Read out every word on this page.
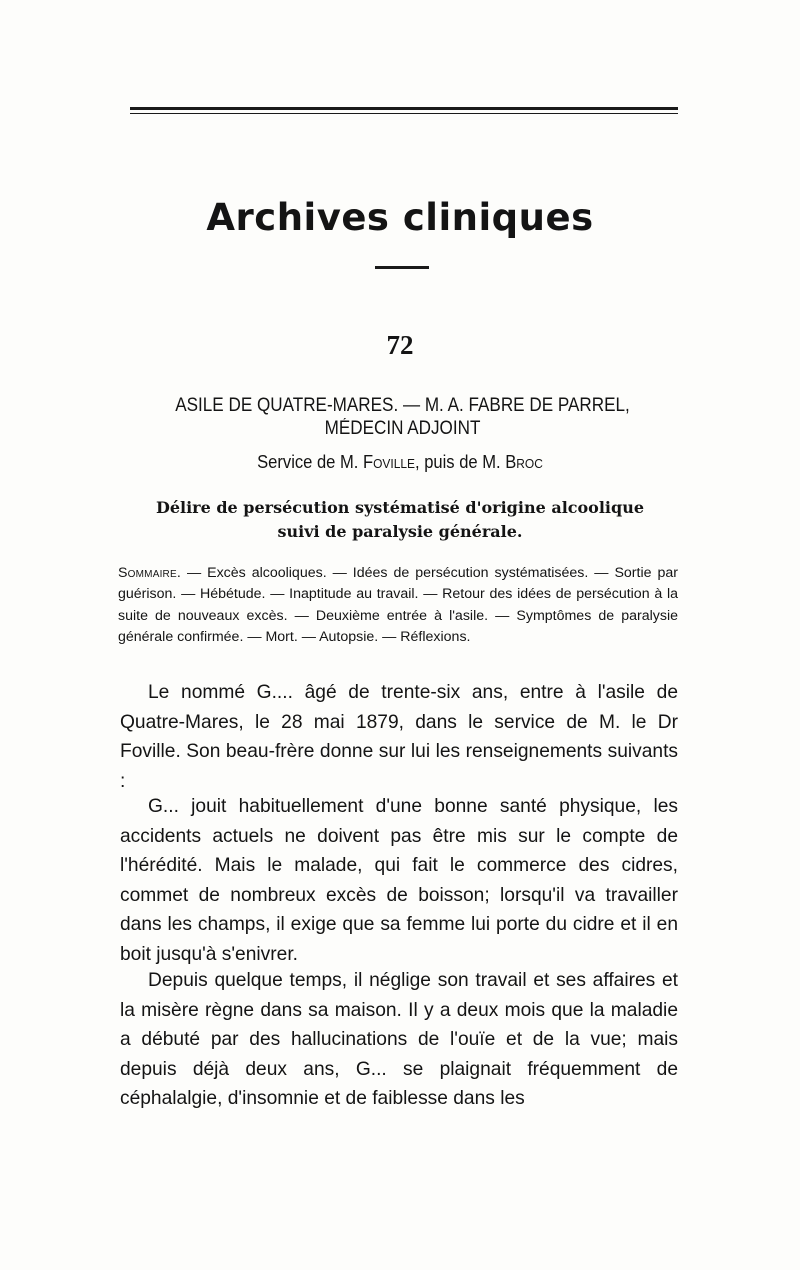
Archives cliniques
72
ASILE DE QUATRE-MARES. — M. A. FABRE DE PARREL,
MÉDECIN ADJOINT
Service de M. Foville, puis de M. Broc
Délire de persécution systématisé d'origine alcoolique
suivi de paralysie générale.

Sommaire. — Excès alcooliques. — Idées de persécution systématisées. — Sortie par guérison. — Hébétude. — Inaptitude au travail. — Retour des idées de persécution à la suite de nouveaux excès. — Deuxième entrée à l'asile. — Symptômes de paralysie générale confirmée. — Mort. — Autopsie. — Réflexions.

Le nommé G.... âgé de trente-six ans, entre à l'asile de Quatre-Mares, le 28 mai 1879, dans le service de M. le Dr Foville. Son beau-frère donne sur lui les renseignements suivants :

G... jouit habituellement d'une bonne santé physique, les accidents actuels ne doivent pas être mis sur le compte de l'hérédité. Mais le malade, qui fait le commerce des cidres, commet de nombreux excès de boisson; lorsqu'il va travailler dans les champs, il exige que sa femme lui porte du cidre et il en boit jusqu'à s'enivrer.

Depuis quelque temps, il néglige son travail et ses affaires et la misère règne dans sa maison. Il y a deux mois que la maladie a débuté par des hallucinations de l'ouïe et de la vue; mais depuis déjà deux ans, G... se plaignait fréquemment de céphalalgie, d'insomnie et de faiblesse dans les
